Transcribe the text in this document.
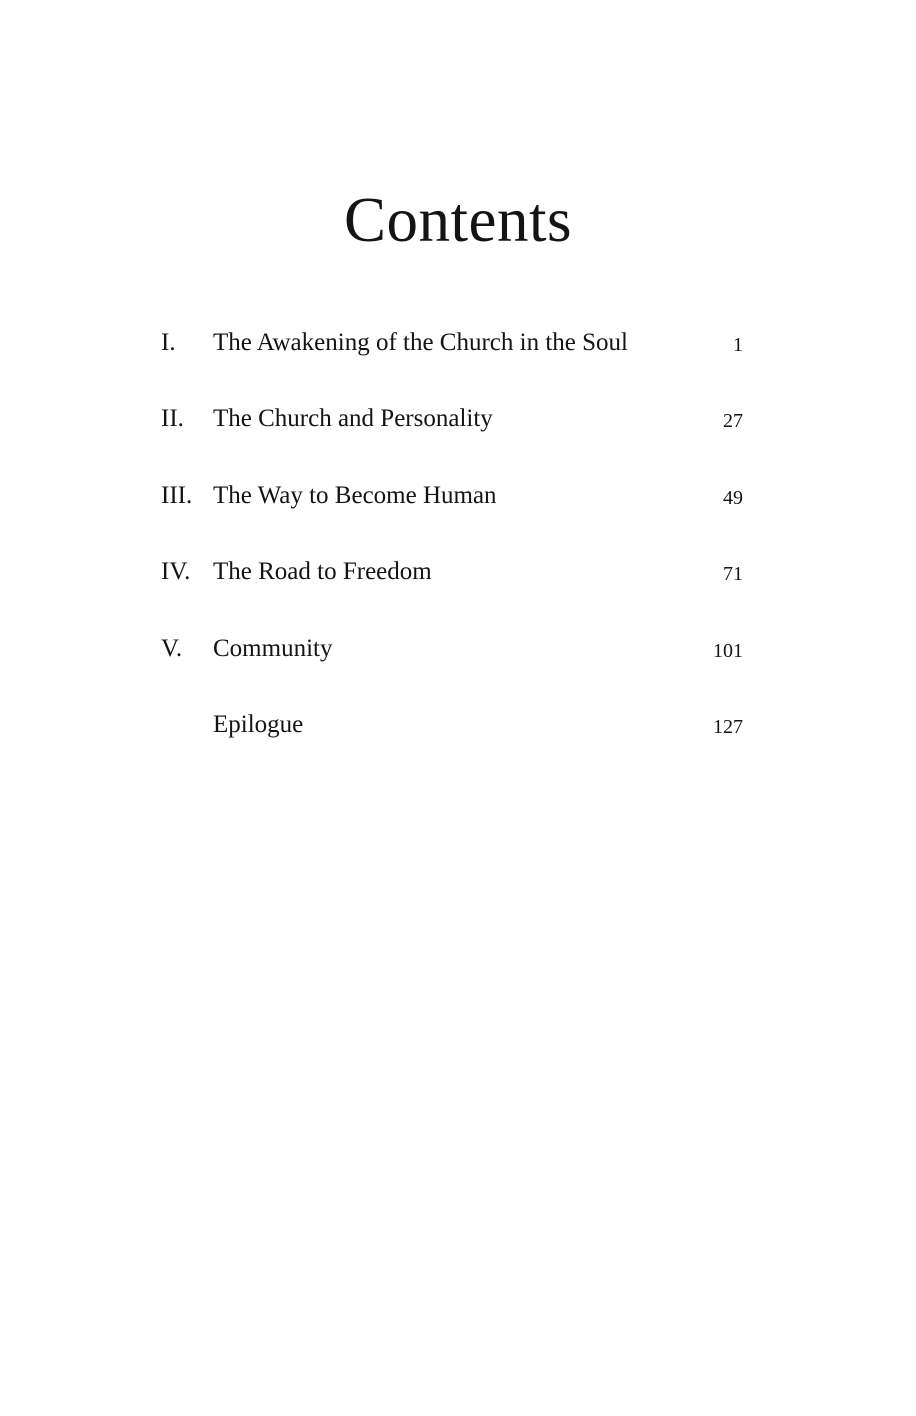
Contents
I. The Awakening of the Church in the Soul	1
II. The Church and Personality	27
III. The Way to Become Human	49
IV. The Road to Freedom	71
V. Community	101
Epilogue	127
